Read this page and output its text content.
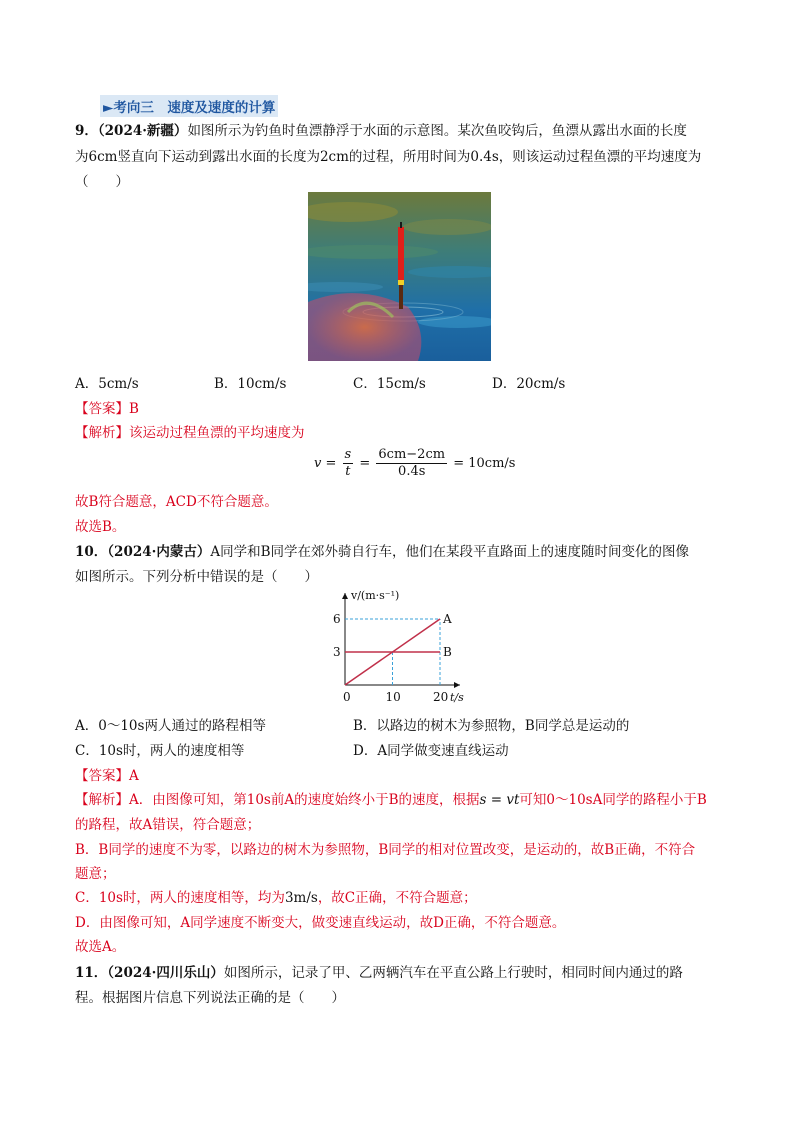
►考向三　速度及速度的计算
9．（2024·新疆）如图所示为钓鱼时鱼漂静浮于水面的示意图。某次鱼咬钩后，鱼漂从露出水面的长度
为6cm竖直向下运动到露出水面的长度为2cm的过程，所用时间为0.4s，则该运动过程鱼漂的平均速度为
（　　）
A．5cm/s	B．10cm/s	C．15cm/s	D．20cm/s
【答案】B
【解析】该运动过程鱼漂的平均速度为
$v = \frac{s}{t} = \frac{6cm-2cm}{0.4s} = 10cm/s$
故B符合题意，ACD不符合题意。
故选B。
10．（2024·内蒙古）A同学和B同学在郊外骑自行车，他们在某段平直路面上的速度随时间变化的图像
如图所示。下列分析中错误的是（　　）
A
B
10	20
3
6
0	t/s
v/(m·s⁻¹)
A．0～10s两人通过的路程相等	B．以路边的树木为参照物，B同学总是运动的
C．10s时，两人的速度相等	D．A同学做变速直线运动
【答案】A
【解析】A．由图像可知，第10s前A的速度始终小于B的速度，根据s = vt可知0～10sA同学的路程小于B
的路程，故A错误，符合题意；
B．B同学的速度不为零，以路边的树木为参照物，B同学的相对位置改变，是运动的，故B正确，不符合
题意；
C．10s时，两人的速度相等，均为3m/s，故C正确，不符合题意；
D．由图像可知，A同学速度不断变大，做变速直线运动，故D正确，不符合题意。
故选A。
11．（2024·四川乐山）如图所示，记录了甲、乙两辆汽车在平直公路上行驶时，相同时间内通过的路
程。根据图片信息下列说法正确的是（　　）
